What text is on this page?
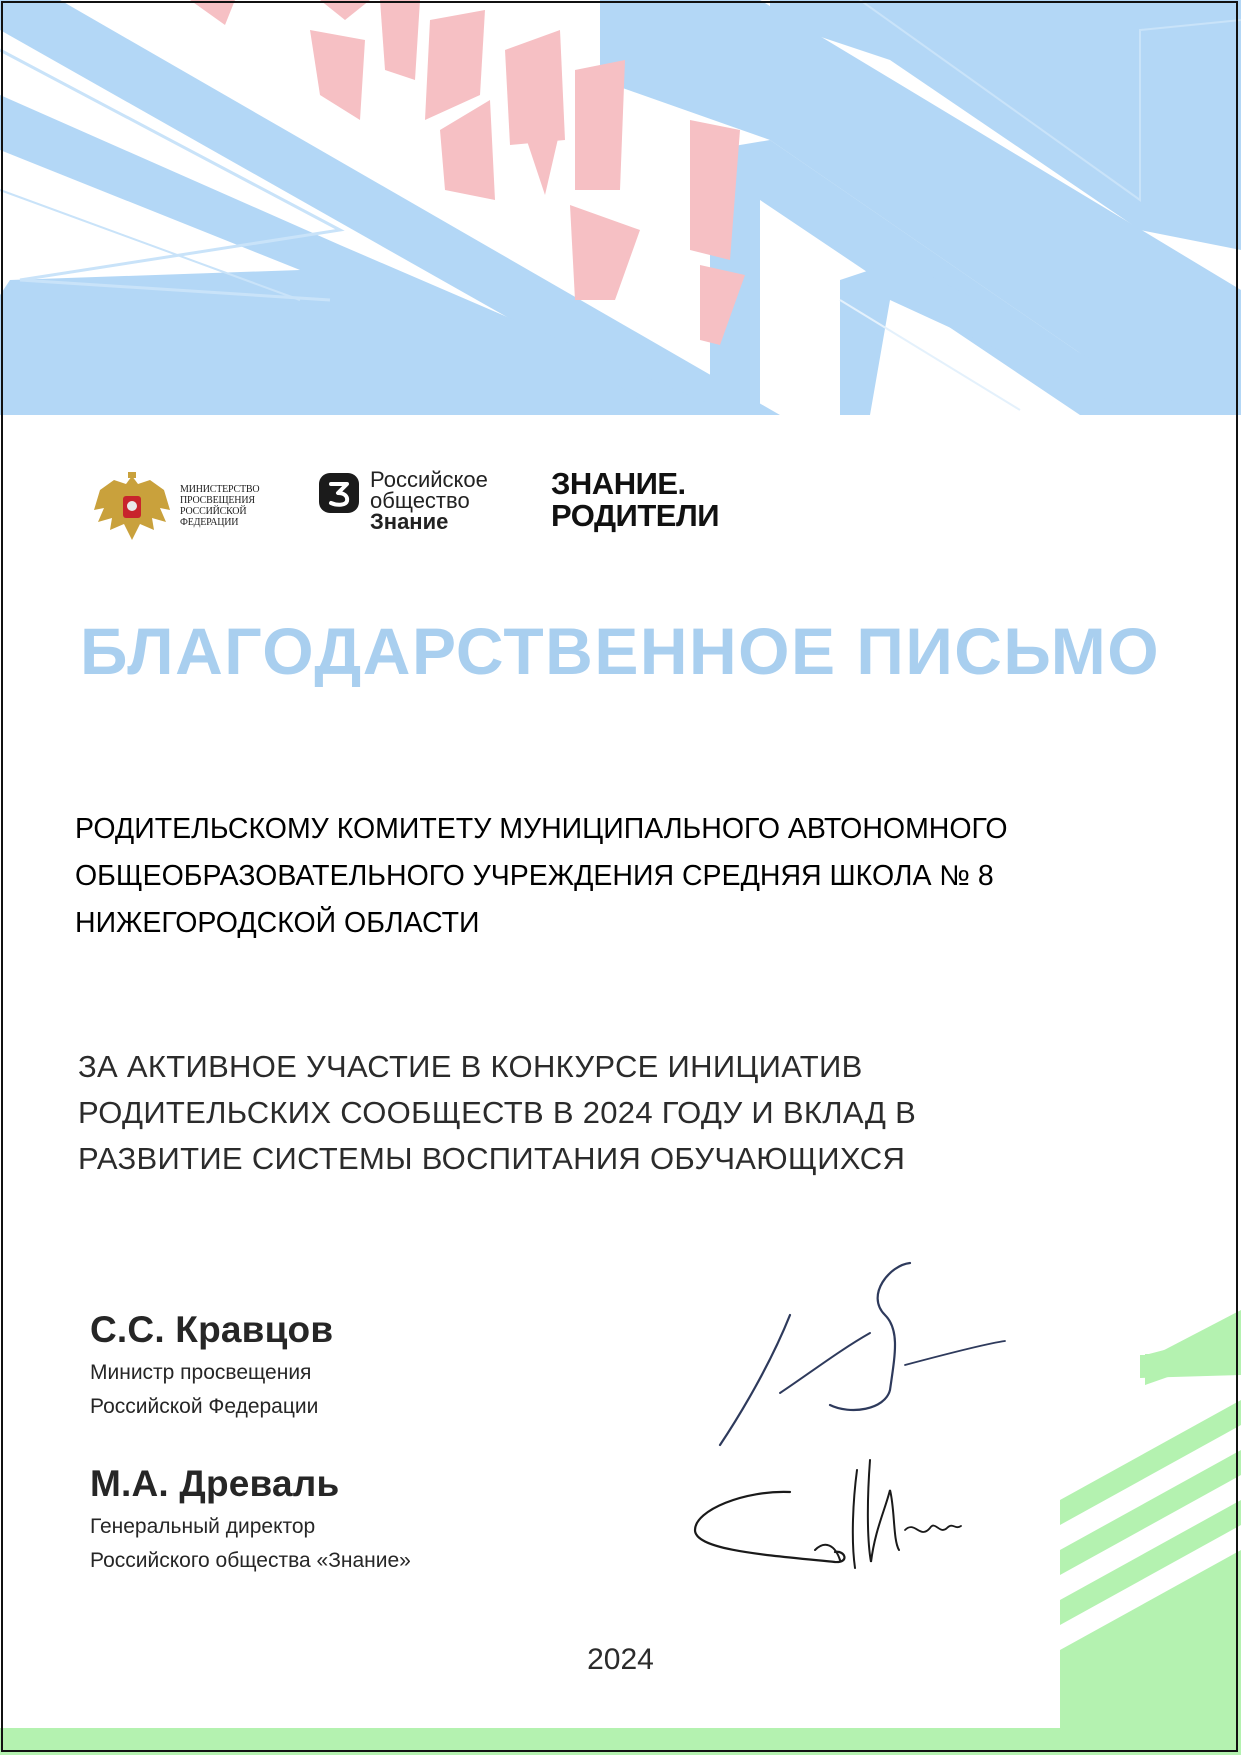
МИНИСТЕРСТВО
ПРОСВЕЩЕНИЯ
РОССИЙСКОЙ
ФЕДЕРАЦИИ
Российское
общество
Знание
ЗНАНИЕ.
РОДИТЕЛИ
БЛАГОДАРСТВЕННОЕ ПИСЬМО
РОДИТЕЛЬСКОМУ КОМИТЕТУ МУНИЦИПАЛЬНОГО АВТОНОМНОГО
ОБЩЕОБРАЗОВАТЕЛЬНОГО УЧРЕЖДЕНИЯ СРЕДНЯЯ ШКОЛА № 8
НИЖЕГОРОДСКОЙ ОБЛАСТИ
ЗА АКТИВНОЕ УЧАСТИЕ В КОНКУРСЕ ИНИЦИАТИВ
РОДИТЕЛЬСКИХ СООБЩЕСТВ В 2024 ГОДУ И ВКЛАД В
РАЗВИТИЕ СИСТЕМЫ ВОСПИТАНИЯ ОБУЧАЮЩИХСЯ
С.С. Кравцов
Министр просвещения
Российской Федерации
М.А. Древаль
Генеральный директор
Российского общества «Знание»
2024
